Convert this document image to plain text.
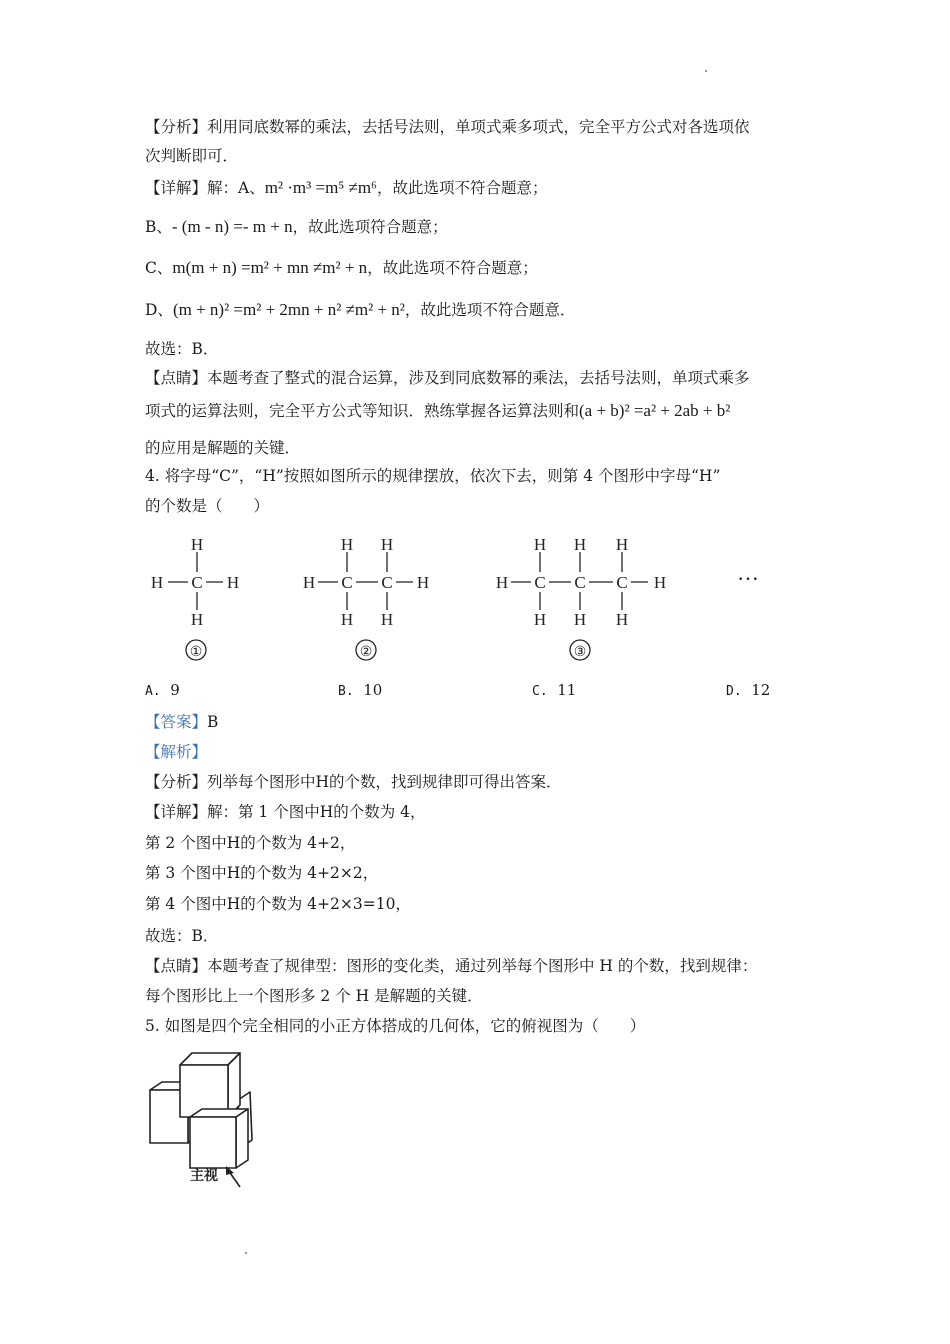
【分析】利用同底数幂的乘法，去括号法则，单项式乘多项式，完全平方公式对各选项依
次判断即可．
【详解】解：A、m² ·m³ =m⁵ ≠m⁶，故此选项不符合题意；
B、- (m - n) =- m + n，故此选项符合题意；
C、m(m + n) =m² + mn ≠m² + n，故此选项不符合题意；
D、(m + n)² =m² + 2mn + n² ≠m² + n²，故此选项不符合题意．
故选：B．
【点睛】本题考查了整式的混合运算，涉及到同底数幂的乘法，去括号法则，单项式乘多
项式的运算法则，完全平方公式等知识．熟练掌握各运算法则和(a + b)² =a² + 2ab + b²
的应用是解题的关键．
4. 将字母“C”，“H”按照如图所示的规律摆放，依次下去，则第 4 个图形中字母“H”
的个数是（　　）
H
C
H
H	H
H H
C C
H H
H	H
H H H
C C C
H H H
H	H	···
①	②	③
A. 9	B. 10	C. 11	D. 12
【答案】B
【解析】
【分析】列举每个图形中H的个数，找到规律即可得出答案．
【详解】解：第 1 个图中H的个数为 4，
第 2 个图中H的个数为 4+2，
第 3 个图中H的个数为 4+2×2，
第 4 个图中H的个数为 4+2×3=10，
故选：B．
【点睛】本题考查了规律型：图形的变化类，通过列举每个图形中 H 的个数，找到规律：
每个图形比上一个图形多 2 个 H 是解题的关键．
5. 如图是四个完全相同的小正方体搭成的几何体，它的俯视图为（　　）
主视
